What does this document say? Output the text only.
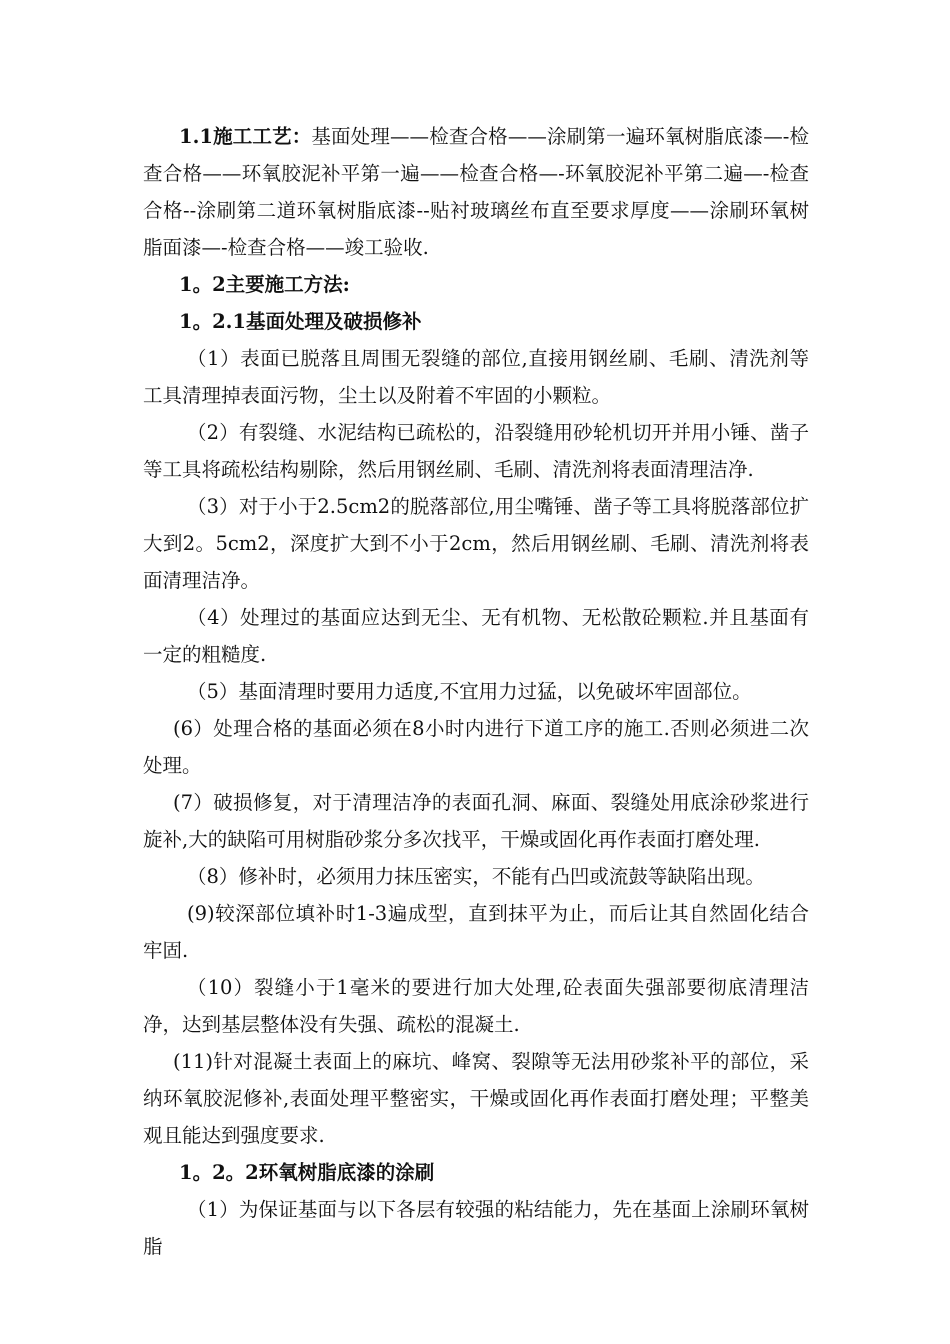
1.1施工工艺：基面处理——检查合格——涂刷第一遍环氧树脂底漆—-检查合格——环氧胶泥补平第一遍——检查合格—-环氧胶泥补平第二遍—-检查合格--涂刷第二道环氧树脂底漆--贴衬玻璃丝布直至要求厚度——涂刷环氧树脂面漆—-检查合格——竣工验收.

1。2主要施工方法:

1。2.1基面处理及破损修补

（1）表面已脱落且周围无裂缝的部位,直接用钢丝刷、毛刷、清洗剂等工具清理掉表面污物，尘土以及附着不牢固的小颗粒。

（2）有裂缝、水泥结构已疏松的，沿裂缝用砂轮机切开并用小锤、凿子等工具将疏松结构剔除，然后用钢丝刷、毛刷、清洗剂将表面清理洁净.

（3）对于小于2.5cm2的脱落部位,用尘嘴锤、凿子等工具将脱落部位扩大到2。5cm2，深度扩大到不小于2cm，然后用钢丝刷、毛刷、清洗剂将表面清理洁净。

（4）处理过的基面应达到无尘、无有机物、无松散砼颗粒.并且基面有一定的粗糙度.

（5）基面清理时要用力适度,不宜用力过猛，以免破坏牢固部位。

(6）处理合格的基面必须在8小时内进行下道工序的施工.否则必须进二次处理。

(7）破损修复，对于清理洁净的表面孔洞、麻面、裂缝处用底涂砂浆进行旋补,大的缺陷可用树脂砂浆分多次找平，干燥或固化再作表面打磨处理.

（8）修补时，必须用力抹压密实，不能有凸凹或流鼓等缺陷出现。

(9)较深部位填补时1-3遍成型，直到抹平为止，而后让其自然固化结合牢固.

（10）裂缝小于1毫米的要进行加大处理,砼表面失强部要彻底清理洁净，达到基层整体没有失强、疏松的混凝土.

(11)针对混凝土表面上的麻坑、峰窝、裂隙等无法用砂浆补平的部位，采纳环氧胶泥修补,表面处理平整密实，干燥或固化再作表面打磨处理；平整美观且能达到强度要求.

1。2。2环氧树脂底漆的涂刷

（1）为保证基面与以下各层有较强的粘结能力，先在基面上涂刷环氧树脂
